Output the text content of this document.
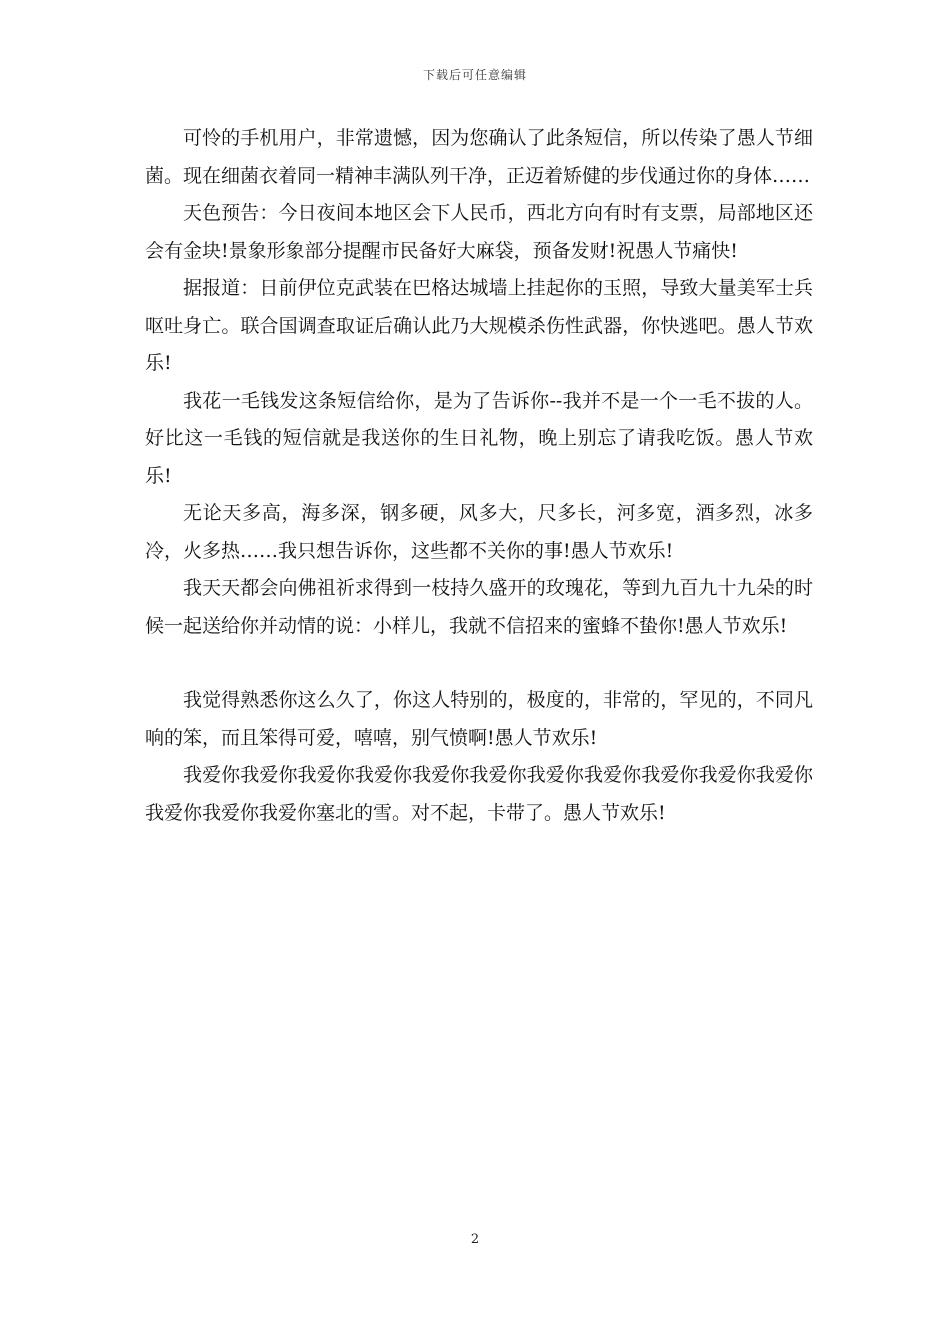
下载后可任意编辑

可怜的手机用户，非常遗憾，因为您确认了此条短信，所以传染了愚人节细菌。现在细菌衣着同一精神丰满队列干净，正迈着矫健的步伐通过你的身体……

天色预告：今日夜间本地区会下人民币，西北方向有时有支票，局部地区还会有金块!景象形象部分提醒市民备好大麻袋，预备发财!祝愚人节痛快!

据报道：日前伊位克武装在巴格达城墙上挂起你的玉照，导致大量美军士兵呕吐身亡。联合国调查取证后确认此乃大规模杀伤性武器，你快逃吧。愚人节欢乐!

我花一毛钱发这条短信给你，是为了告诉你--我并不是一个一毛不拔的人。好比这一毛钱的短信就是我送你的生日礼物，晚上别忘了请我吃饭。愚人节欢乐!

无论天多高，海多深，钢多硬，风多大，尺多长，河多宽，酒多烈，冰多冷，火多热……我只想告诉你，这些都不关你的事!愚人节欢乐!

我天天都会向佛祖祈求得到一枝持久盛开的玫瑰花，等到九百九十九朵的时候一起送给你并动情的说：小样儿，我就不信招来的蜜蜂不蛰你!愚人节欢乐!

我觉得熟悉你这么久了，你这人特别的，极度的，非常的，罕见的，不同凡响的笨，而且笨得可爱，嘻嘻，别气愤啊!愚人节欢乐!

我爱你我爱你我爱你我爱你我爱你我爱你我爱你我爱你我爱你我爱你我爱你我爱你我爱你我爱你塞北的雪。对不起，卡带了。愚人节欢乐!

2
